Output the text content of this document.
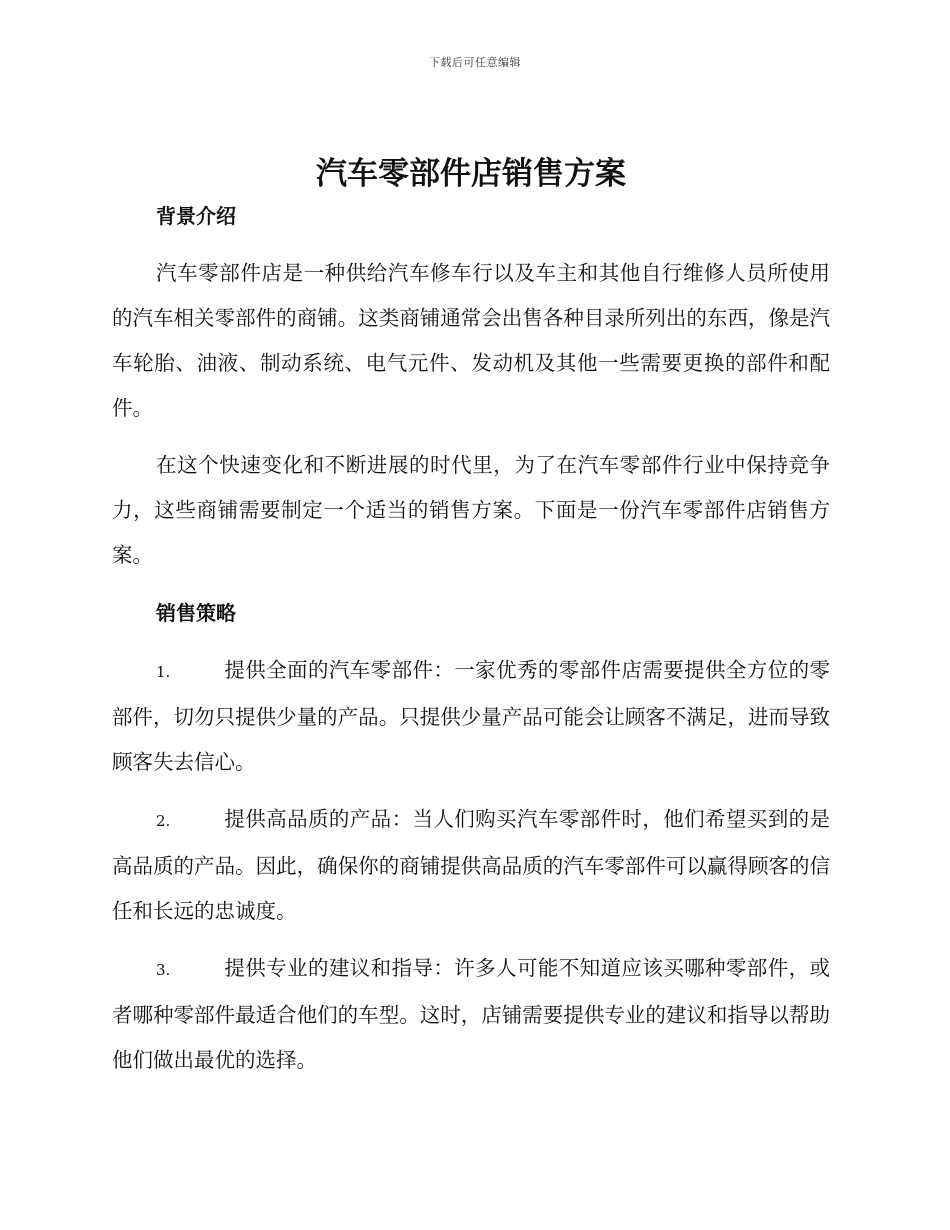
下载后可任意编辑
汽车零部件店销售方案
背景介绍

汽车零部件店是一种供给汽车修车行以及车主和其他自行维修人员所使用的汽车相关零部件的商铺。这类商铺通常会出售各种目录所列出的东西，像是汽车轮胎、油液、制动系统、电气元件、发动机及其他一些需要更换的部件和配件。

在这个快速变化和不断进展的时代里，为了在汽车零部件行业中保持竞争力，这些商铺需要制定一个适当的销售方案。下面是一份汽车零部件店销售方案。

销售策略

1.	提供全面的汽车零部件：一家优秀的零部件店需要提供全方位的零部件，切勿只提供少量的产品。只提供少量产品可能会让顾客不满足，进而导致顾客失去信心。

2.	提供高品质的产品：当人们购买汽车零部件时，他们希望买到的是高品质的产品。因此，确保你的商铺提供高品质的汽车零部件可以赢得顾客的信任和长远的忠诚度。

3.	提供专业的建议和指导：许多人可能不知道应该买哪种零部件，或者哪种零部件最适合他们的车型。这时，店铺需要提供专业的建议和指导以帮助他们做出最优的选择。
